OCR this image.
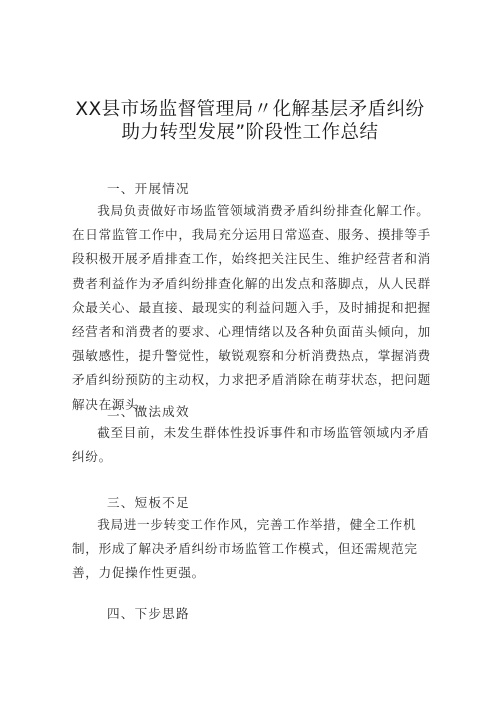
XX县市场监督管理局〃化解基层矛盾纠纷
助力转型发展”阶段性工作总结
一、开展情况

我局负责做好市场监管领域消费矛盾纠纷排查化解工作。在日常监管工作中，我局充分运用日常巡查、服务、摸排等手段积极开展矛盾排查工作，始终把关注民生、维护经营者和消费者利益作为矛盾纠纷排查化解的出发点和落脚点，从人民群众最关心、最直接、最现实的利益问题入手，及时捕捉和把握经营者和消费者的要求、心理情绪以及各种负面苗头倾向，加强敏感性，提升警觉性，敏锐观察和分析消费热点，掌握消费矛盾纠纷预防的主动权，力求把矛盾消除在萌芽状态，把问题解决在源头。

二、做法成效

截至目前，未发生群体性投诉事件和市场监管领域内矛盾纠纷。

三、短板不足

我局进一步转变工作作风，完善工作举措，健全工作机制，形成了解决矛盾纠纷市场监管工作模式，但还需规范完善，力促操作性更强。

四、下步思路
